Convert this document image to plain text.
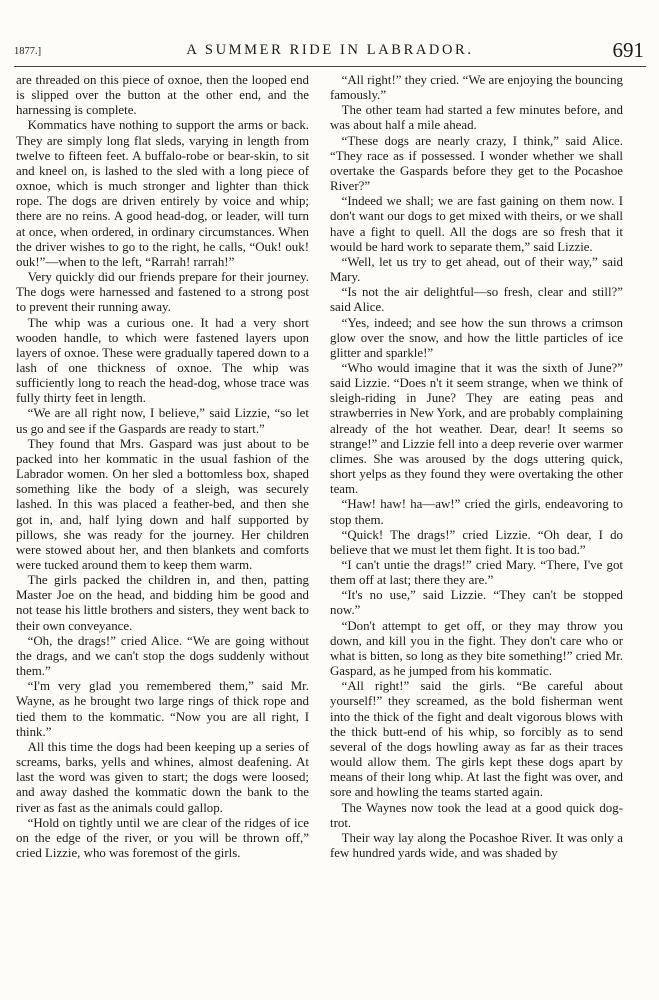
1877.]	A SUMMER RIDE IN LABRADOR.	691

are threaded on this piece of oxnoe, then the looped end is slipped over the button at the other end, and the harnessing is complete.

Kommatics have nothing to support the arms or back. They are simply long flat sleds, varying in length from twelve to fifteen feet. A buffalo-robe or bear-skin, to sit and kneel on, is lashed to the sled with a long piece of oxnoe, which is much stronger and lighter than thick rope. The dogs are driven entirely by voice and whip; there are no reins. A good head-dog, or leader, will turn at once, when ordered, in ordinary circumstances. When the driver wishes to go to the right, he calls, “Ouk! ouk! ouk!”—when to the left, “Rarrah! rarrah!”

Very quickly did our friends prepare for their journey. The dogs were harnessed and fastened to a strong post to prevent their running away.

The whip was a curious one. It had a very short wooden handle, to which were fastened layers upon layers of oxnoe. These were gradually tapered down to a lash of one thickness of oxnoe. The whip was sufficiently long to reach the head-dog, whose trace was fully thirty feet in length.

“We are all right now, I believe,” said Lizzie, “so let us go and see if the Gaspards are ready to start.”

They found that Mrs. Gaspard was just about to be packed into her kommatic in the usual fashion of the Labrador women. On her sled a bottomless box, shaped something like the body of a sleigh, was securely lashed. In this was placed a feather-bed, and then she got in, and, half lying down and half supported by pillows, she was ready for the journey. Her children were stowed about her, and then blankets and comforts were tucked around them to keep them warm.

The girls packed the children in, and then, patting Master Joe on the head, and bidding him be good and not tease his little brothers and sisters, they went back to their own conveyance.

“Oh, the drags!” cried Alice. “We are going without the drags, and we can't stop the dogs suddenly without them.”

“I'm very glad you remembered them,” said Mr. Wayne, as he brought two large rings of thick rope and tied them to the kommatic. “Now you are all right, I think.”

All this time the dogs had been keeping up a series of screams, barks, yells and whines, almost deafening. At last the word was given to start; the dogs were loosed; and away dashed the kommatic down the bank to the river as fast as the animals could gallop.

“Hold on tightly until we are clear of the ridges of ice on the edge of the river, or you will be thrown off,” cried Lizzie, who was foremost of the girls.

“All right!” they cried. “We are enjoying the bouncing famously.”

The other team had started a few minutes before, and was about half a mile ahead.

“These dogs are nearly crazy, I think,” said Alice. “They race as if possessed. I wonder whether we shall overtake the Gaspards before they get to the Pocashoe River?”

“Indeed we shall; we are fast gaining on them now. I don't want our dogs to get mixed with theirs, or we shall have a fight to quell. All the dogs are so fresh that it would be hard work to separate them,” said Lizzie.

“Well, let us try to get ahead, out of their way,” said Mary.

“Is not the air delightful—so fresh, clear and still?” said Alice.

“Yes, indeed; and see how the sun throws a crimson glow over the snow, and how the little particles of ice glitter and sparkle!”

“Who would imagine that it was the sixth of June?” said Lizzie. “Does n't it seem strange, when we think of sleigh-riding in June? They are eating peas and strawberries in New York, and are probably complaining already of the hot weather. Dear, dear! It seems so strange!” and Lizzie fell into a deep reverie over warmer climes. She was aroused by the dogs uttering quick, short yelps as they found they were overtaking the other team.

“Haw! haw! ha—aw!” cried the girls, endeavoring to stop them.

“Quick! The drags!” cried Lizzie. “Oh dear, I do believe that we must let them fight. It is too bad.”

“I can't untie the drags!” cried Mary. “There, I've got them off at last; there they are.”

“It's no use,” said Lizzie. “They can't be stopped now.”

“Don't attempt to get off, or they may throw you down, and kill you in the fight. They don't care who or what is bitten, so long as they bite something!” cried Mr. Gaspard, as he jumped from his kommatic.

“All right!” said the girls. “Be careful about yourself!” they screamed, as the bold fisherman went into the thick of the fight and dealt vigorous blows with the thick butt-end of his whip, so forcibly as to send several of the dogs howling away as far as their traces would allow them. The girls kept these dogs apart by means of their long whip. At last the fight was over, and sore and howling the teams started again.

The Waynes now took the lead at a good quick dog-trot.

Their way lay along the Pocashoe River. It was only a few hundred yards wide, and was shaded by
